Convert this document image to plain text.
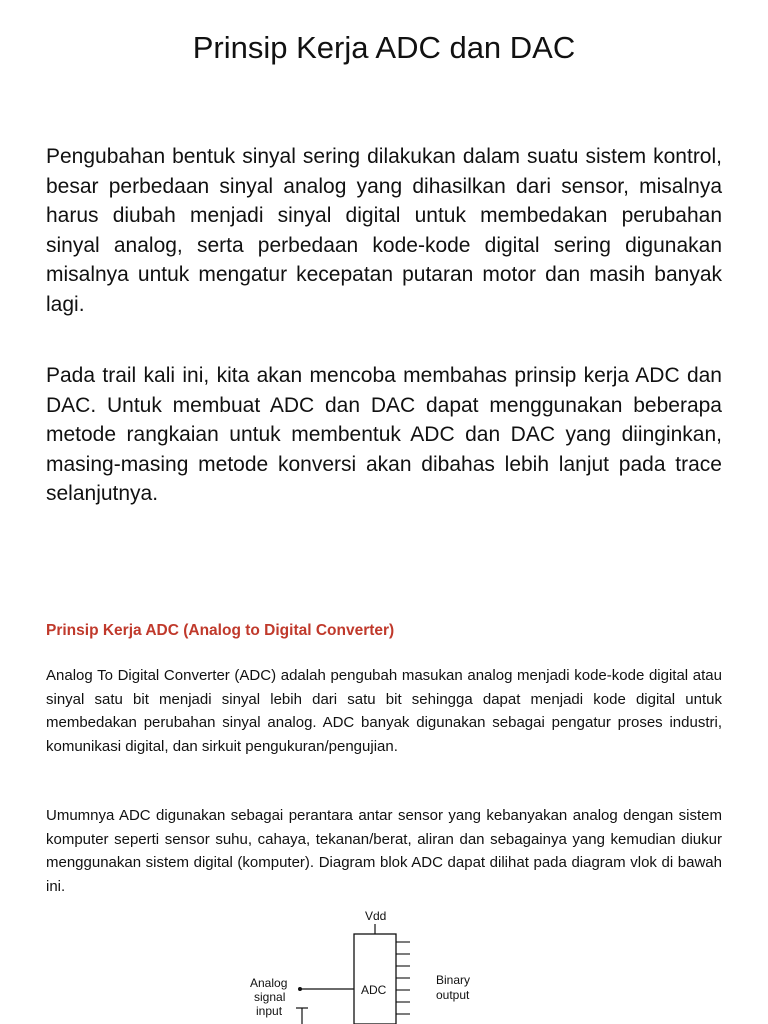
Prinsip Kerja ADC dan DAC

Pengubahan bentuk sinyal sering dilakukan dalam suatu sistem kontrol, besar perbedaan sinyal analog yang dihasilkan dari sensor, misalnya harus diubah menjadi sinyal digital untuk membedakan perubahan sinyal analog, serta perbedaan kode-kode digital sering digunakan misalnya untuk mengatur kecepatan putaran motor dan masih banyak lagi.

Pada trail kali ini, kita akan mencoba membahas prinsip kerja ADC dan DAC. Untuk membuat ADC dan DAC dapat menggunakan beberapa metode rangkaian untuk membentuk ADC dan DAC yang diinginkan, masing-masing metode konversi akan dibahas lebih lanjut pada trace selanjutnya.

Prinsip Kerja ADC (Analog to Digital Converter)

Analog To Digital Converter (ADC) adalah pengubah masukan analog menjadi kode-kode digital atau sinyal satu bit menjadi sinyal lebih dari satu bit sehingga dapat menjadi kode digital untuk membedakan perubahan sinyal analog. ADC banyak digunakan sebagai pengatur proses industri, komunikasi digital, dan sirkuit pengukuran/pengujian.

Umumnya ADC digunakan sebagai perantara antar sensor yang kebanyakan analog dengan sistem komputer seperti sensor suhu, cahaya, tekanan/berat, aliran dan sebagainya yang kemudian diukur menggunakan sistem digital (komputer). Diagram blok ADC dapat dilihat pada diagram vlok di bawah ini.

Vdd
ADC
Binary
output
Analog
signal
input
